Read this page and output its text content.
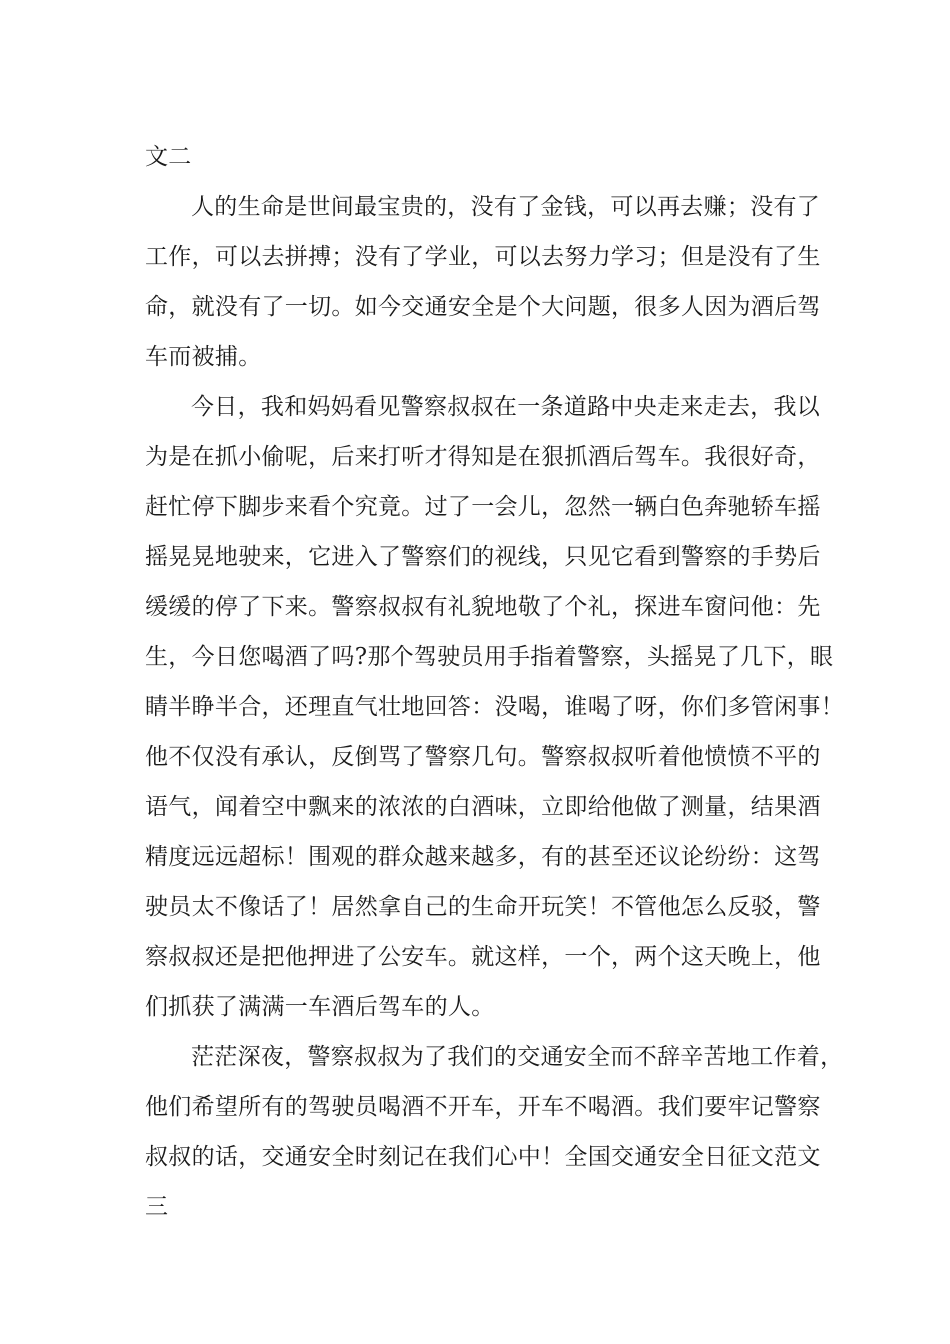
文二
人的生命是世间最宝贵的，没有了金钱，可以再去赚；没有了
工作，可以去拼搏；没有了学业，可以去努力学习；但是没有了生
命，就没有了一切。如今交通安全是个大问题，很多人因为酒后驾
车而被捕。
今日，我和妈妈看见警察叔叔在一条道路中央走来走去，我以
为是在抓小偷呢，后来打听才得知是在狠抓酒后驾车。我很好奇，
赶忙停下脚步来看个究竟。过了一会儿，忽然一辆白色奔驰轿车摇
摇晃晃地驶来，它进入了警察们的视线，只见它看到警察的手势后
缓缓的停了下来。警察叔叔有礼貌地敬了个礼，探进车窗问他：先
生，今日您喝酒了吗?那个驾驶员用手指着警察，头摇晃了几下，眼
睛半睁半合，还理直气壮地回答：没喝，谁喝了呀，你们多管闲事！
他不仅没有承认，反倒骂了警察几句。警察叔叔听着他愤愤不平的
语气，闻着空中飘来的浓浓的白酒味，立即给他做了测量，结果酒
精度远远超标！围观的群众越来越多，有的甚至还议论纷纷：这驾
驶员太不像话了！居然拿自己的生命开玩笑！不管他怎么反驳，警
察叔叔还是把他押进了公安车。就这样，一个，两个这天晚上，他
们抓获了满满一车酒后驾车的人。
茫茫深夜，警察叔叔为了我们的交通安全而不辞辛苦地工作着，
他们希望所有的驾驶员喝酒不开车，开车不喝酒。我们要牢记警察
叔叔的话，交通安全时刻记在我们心中！全国交通安全日征文范文
三
